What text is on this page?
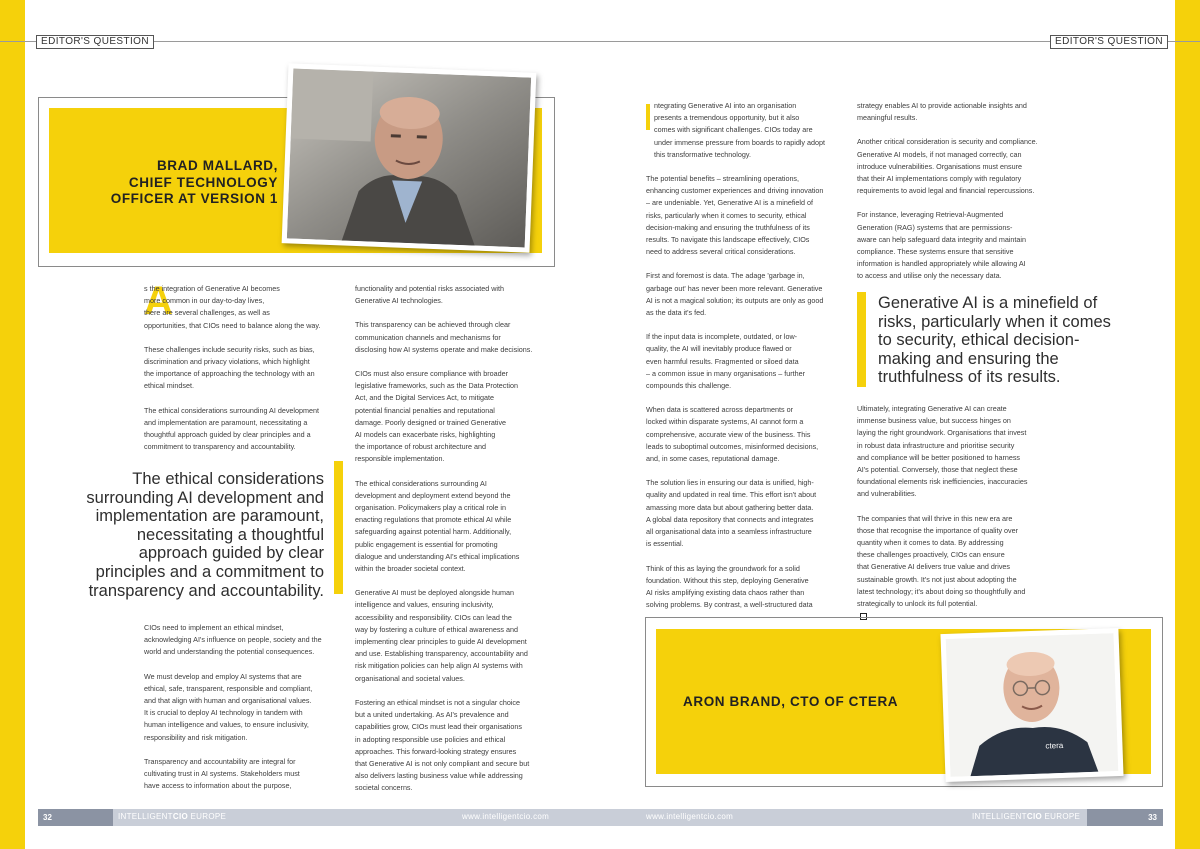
EDITOR'S QUESTION	EDITOR'S QUESTION
BRAD MALLARD,
CHIEF TECHNOLOGY
OFFICER AT VERSION 1
A

s the integration of Generative AI becomes
more common in our day-to-day lives,
there are several challenges, as well as
opportunities, that CIOs need to balance along the way.

These challenges include security risks, such as bias,
discrimination and privacy violations, which highlight
the importance of approaching the technology with an
ethical mindset.

The ethical considerations surrounding AI development
and implementation are paramount, necessitating a
thoughtful approach guided by clear principles and a
commitment to transparency and accountability.

The ethical considerations
surrounding AI development and
implementation are paramount,
necessitating a thoughtful
approach guided by clear
principles and a commitment to
transparency and accountability.

CIOs need to implement an ethical mindset,
acknowledging AI's influence on people, society and the
world and understanding the potential consequences.

We must develop and employ AI systems that are
ethical, safe, transparent, responsible and compliant,
and that align with human and organisational values.
It is crucial to deploy AI technology in tandem with
human intelligence and values, to ensure inclusivity,
responsibility and risk mitigation.

Transparency and accountability are integral for
cultivating trust in AI systems. Stakeholders must
have access to information about the purpose,

functionality and potential risks associated with
Generative AI technologies.

This transparency can be achieved through clear
communication channels and mechanisms for
disclosing how AI systems operate and make decisions.

CIOs must also ensure compliance with broader
legislative frameworks, such as the Data Protection
Act, and the Digital Services Act, to mitigate
potential financial penalties and reputational
damage. Poorly designed or trained Generative
AI models can exacerbate risks, highlighting
the importance of robust architecture and
responsible implementation.

The ethical considerations surrounding AI
development and deployment extend beyond the
organisation. Policymakers play a critical role in
enacting regulations that promote ethical AI while
safeguarding against potential harm. Additionally,
public engagement is essential for promoting
dialogue and understanding AI's ethical implications
within the broader societal context.

Generative AI must be deployed alongside human
intelligence and values, ensuring inclusivity,
accessibility and responsibility. CIOs can lead the
way by fostering a culture of ethical awareness and
implementing clear principles to guide AI development
and use. Establishing transparency, accountability and
risk mitigation policies can help align AI systems with
organisational and societal values.

Fostering an ethical mindset is not a singular choice
but a united undertaking. As AI's prevalence and
capabilities grow, CIOs must lead their organisations
in adopting responsible use policies and ethical
approaches. This forward-looking strategy ensures
that Generative AI is not only compliant and secure but
also delivers lasting business value while addressing
societal concerns.

ntegrating Generative AI into an organisation
presents a tremendous opportunity, but it also
comes with significant challenges. CIOs today are
under immense pressure from boards to rapidly adopt
this transformative technology.

The potential benefits – streamlining operations,
enhancing customer experiences and driving innovation
– are undeniable. Yet, Generative AI is a minefield of
risks, particularly when it comes to security, ethical
decision-making and ensuring the truthfulness of its
results. To navigate this landscape effectively, CIOs
need to address several critical considerations.

First and foremost is data. The adage 'garbage in,
garbage out' has never been more relevant. Generative
AI is not a magical solution; its outputs are only as good
as the data it's fed.

If the input data is incomplete, outdated, or low-
quality, the AI will inevitably produce flawed or
even harmful results. Fragmented or siloed data
– a common issue in many organisations – further
compounds this challenge.

When data is scattered across departments or
locked within disparate systems, AI cannot form a
comprehensive, accurate view of the business. This
leads to suboptimal outcomes, misinformed decisions,
and, in some cases, reputational damage.

The solution lies in ensuring our data is unified, high-
quality and updated in real time. This effort isn't about
amassing more data but about gathering better data.
A global data repository that connects and integrates
all organisational data into a seamless infrastructure
is essential.

Think of this as laying the groundwork for a solid
foundation. Without this step, deploying Generative
AI risks amplifying existing data chaos rather than
solving problems. By contrast, a well-structured data

strategy enables AI to provide actionable insights and
meaningful results.

Another critical consideration is security and compliance.
Generative AI models, if not managed correctly, can
introduce vulnerabilities. Organisations must ensure
that their AI implementations comply with regulatory
requirements to avoid legal and financial repercussions.

For instance, leveraging Retrieval-Augmented
Generation (RAG) systems that are permissions-
aware can help safeguard data integrity and maintain
compliance. These systems ensure that sensitive
information is handled appropriately while allowing AI
to access and utilise only the necessary data.

Generative AI is a minefield of
risks, particularly when it comes
to security, ethical decision-
making and ensuring the
truthfulness of its results.

Ultimately, integrating Generative AI can create
immense business value, but success hinges on
laying the right groundwork. Organisations that invest
in robust data infrastructure and prioritise security
and compliance will be better positioned to harness
AI's potential. Conversely, those that neglect these
foundational elements risk inefficiencies, inaccuracies
and vulnerabilities.

The companies that will thrive in this new era are
those that recognise the importance of quality over
quantity when it comes to data. By addressing
these challenges proactively, CIOs can ensure
that Generative AI delivers true value and drives
sustainable growth. It's not just about adopting the
latest technology; it's about doing so thoughtfully and
strategically to unlock its full potential.

ARON BRAND, CTO OF CTERA
ctera
32	INTELLIGENTCIO EUROPE	www.intelligentcio.com	33
www.intelligentcio.com	INTELLIGENTCIO EUROPE
